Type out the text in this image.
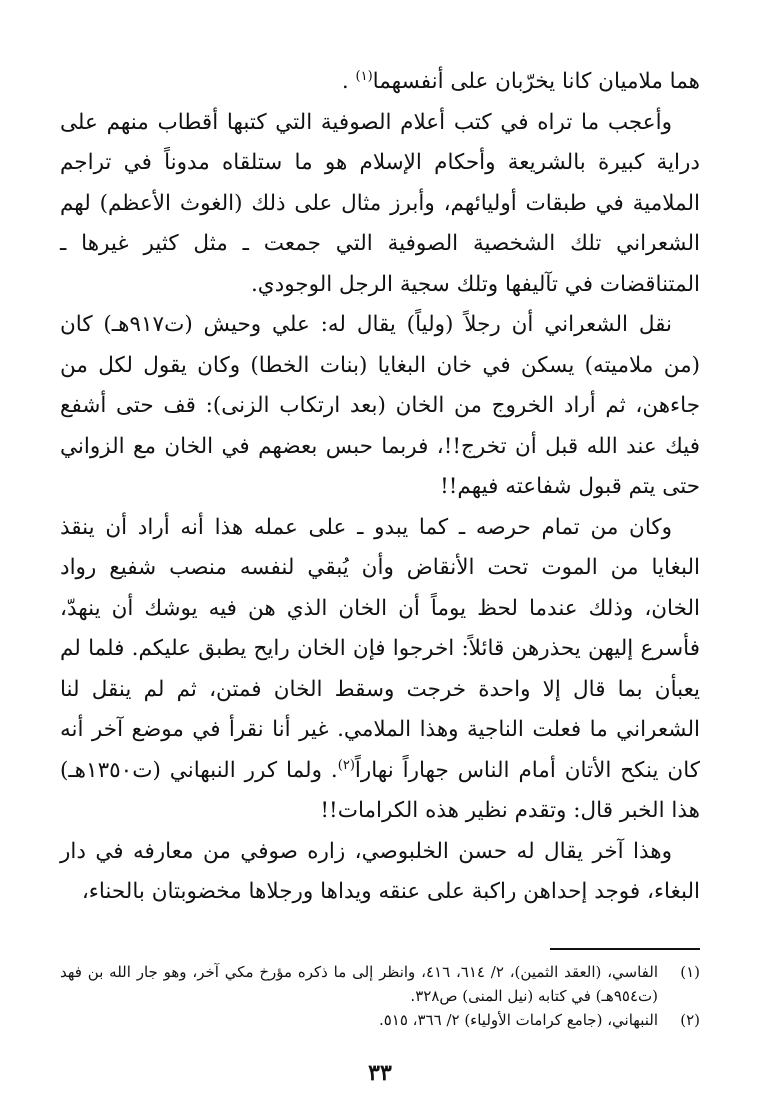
هما ملاميان كانا يخرّبان على أنفسهما$^{(١)}$ .

وأعجب ما تراه في كتب أعلام الصوفية التي كتبها أقطاب منهم على دراية كبيرة بالشريعة وأحكام الإسلام هو ما ستلقاه مدوناً في تراجم الملامية في طبقات أوليائهم، وأبرز مثال على ذلك (الغوث الأعظم) لهم الشعراني تلك الشخصية الصوفية التي جمعت ـ مثل كثير غيرها ـ المتناقضات في تآليفها وتلك سجية الرجل الوجودي.

نقل الشعراني أن رجلاً (ولياً) يقال له: علي وحيش (ت٩١٧هـ) كان (من ملاميته) يسكن في خان البغايا (بنات الخطا) وكان يقول لكل من جاءهن، ثم أراد الخروج من الخان (بعد ارتكاب الزنى): قف حتى أشفع فيك عند الله قبل أن تخرج!!، فربما حبس بعضهم في الخان مع الزواني حتى يتم قبول شفاعته فيهم!!

وكان من تمام حرصه ـ كما يبدو ـ على عمله هذا أنه أراد أن ينقذ البغايا من الموت تحت الأنقاض وأن يُبقي لنفسه منصب شفيع رواد الخان، وذلك عندما لحظ يوماً أن الخان الذي هن فيه يوشك أن ينهدّ، فأسرع إليهن يحذرهن قائلاً: اخرجوا فإن الخان رايح يطبق عليكم. فلما لم يعبأن بما قال إلا واحدة خرجت وسقط الخان فمتن، ثم لم ينقل لنا الشعراني ما فعلت الناجية وهذا الملامي. غير أنا نقرأ في موضع آخر أنه كان ينكح الأتان أمام الناس جهاراً نهاراً$^{(٢)}$. ولما كرر النبهاني (ت١٣٥٠هـ) هذا الخبر قال: وتقدم نظير هذه الكرامات!!

وهذا آخر يقال له حسن الخلبوصي، زاره صوفي من معارفه في دار البغاء، فوجد إحداهن راكبة على عنقه ويداها ورجلاها مخضوبتان بالحناء،

(١)
الفاسي، (العقد الثمين)، ٢/ ٦١٤، ٤١٦، وانظر إلى ما ذكره مؤرخ مكي آخر، وهو جار الله بن فهد (ت٩٥٤هـ) في كتابه (نيل المنى) ص٣٢٨.

(٢)
النبهاني، (جامع كرامات الأولياء) ٢/ ٣٦٦، ٥١٥.

٣٣
